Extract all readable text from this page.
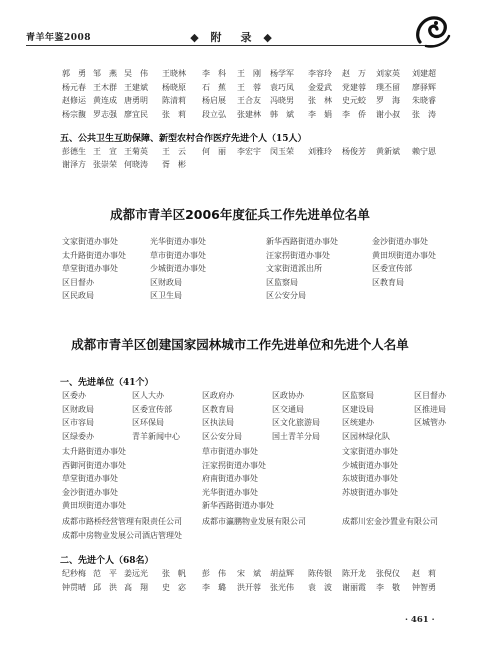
青羊年鉴2008	◆ 附　录 ◆
郭　勇 邹　燕 吴　伟 王晓林 李　科 王　刚 杨学军 李容玲 赵　万 刘家英 刘建超
杨元春 王木群 王建斌 杨晓原 石　蕉 王　蓉 袁巧凤 金爱武 党建蓉 璞丕留 廖驿辉
赵修运 黄连成 唐勇明 陈清莉 杨启展 王合友 冯晓男 张　林 史元蛟 罗　海 朱晓睿
杨宗馥 罗志强 廖宜民 张　莉 段立弘 张建林 韩　斌 李　娟 李　侨 谢小叔 张　涛
五、公共卫生互助保障、新型农村合作医疗先进个人（15人）
彭德生 王　宣 王菊英 王　云 何　丽 李宏宇 闵玉荣 刘雅玲 杨俊芳 黄新斌 赖宁恩
谢泽方 张崇荣 何晓涛 胥　彬
成都市青羊区2006年度征兵工作先进单位名单
文家街道办事处	光华街道办事处	新华西路街道办事处	金沙街道办事处
太升路街道办事处	草市街道办事处	汪家拐街道办事处	黄田坝街道办事处
草堂街道办事处	少城街道办事处	文家街道派出所	区委宣传部
区目督办	区财政局	区监察局	区教育局
区民政局	区卫生局	区公安分局
成都市青羊区创建国家园林城市工作先进单位和先进个人名单
一、先进单位（41个）
区委办	区人大办	区政府办	区政协办	区监察局	区目督办
区财政局	区委宣传部	区教育局	区交通局	区建设局	区推进局
区市容局	区环保局	区执法局	区文化旅游局	区统建办	区城管办
区绿委办	青羊新闻中心	区公安分局	国土青羊分局	区园林绿化队
太升路街道办事处	草市街道办事处	文家街道办事处
西御河街道办事处	汪家拐街道办事处	少城街道办事处
草堂街道办事处	府南街道办事处	东坡街道办事处
金沙街道办事处	光华街道办事处	苏坡街道办事处
黄田坝街道办事处	新华西路街道办事处
成都市路桥经营管理有限责任公司	成都市瀛鹏物业发展有限公司	成都川宏金沙置业有限公司
成都中房物业发展公司酒店管理处
二、先进个人（68名）
纪秒梅 范　平 姜远光 张　帆 彭　伟 宋　斌 胡益辉 陈传银 陈开龙 张倪仪 赵　莉
钟贯晴 邱　洪 高　翔 史　宓 李　璐 洪开蓉 张光伟 袁　波 谢丽霞 李　敬 钟智勇
· 461 ·
